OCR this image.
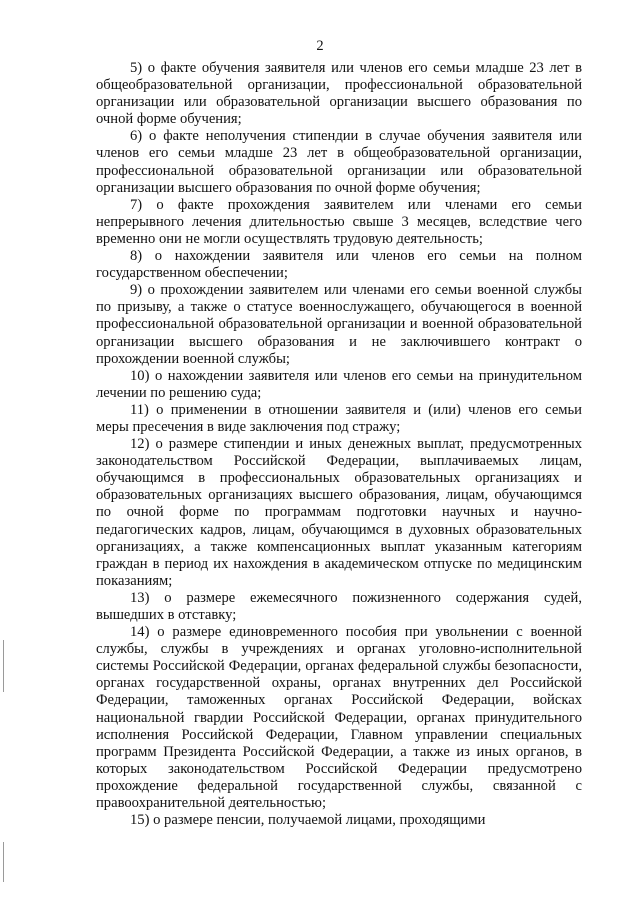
2

5) о факте обучения заявителя или членов его семьи младше 23 лет в общеобразовательной организации, профессиональной образовательной организации или образовательной организации высшего образования по очной форме обучения;

6) о факте неполучения стипендии в случае обучения заявителя или членов его семьи младше 23 лет в общеобразовательной организации, профессиональной образовательной организации или образовательной организации высшего образования по очной форме обучения;

7) о факте прохождения заявителем или членами его семьи непрерывного лечения длительностью свыше 3 месяцев, вследствие чего временно они не могли осуществлять трудовую деятельность;

8) о нахождении заявителя или членов его семьи на полном государственном обеспечении;

9) о прохождении заявителем или членами его семьи военной службы по призыву, а также о статусе военнослужащего, обучающегося в военной профессиональной образовательной организации и военной образовательной организации высшего образования и не заключившего контракт о прохождении военной службы;

10) о нахождении заявителя или членов его семьи на принудительном лечении по решению суда;

11) о применении в отношении заявителя и (или) членов его семьи меры пресечения в виде заключения под стражу;

12) о размере стипендии и иных денежных выплат, предусмотренных законодательством Российской Федерации, выплачиваемых лицам, обучающимся в профессиональных образовательных организациях и образовательных организациях высшего образования, лицам, обучающимся по очной форме по программам подготовки научных и научно-педагогических кадров, лицам, обучающимся в духовных образовательных организациях, а также компенсационных выплат указанным категориям граждан в период их нахождения в академическом отпуске по медицинским показаниям;

13) о размере ежемесячного пожизненного содержания судей, вышедших в отставку;

14) о размере единовременного пособия при увольнении с военной службы, службы в учреждениях и органах уголовно-исполнительной системы Российской Федерации, органах федеральной службы безопасности, органах государственной охраны, органах внутренних дел Российской Федерации, таможенных органах Российской Федерации, войсках национальной гвардии Российской Федерации, органах принудительного исполнения Российской Федерации, Главном управлении специальных программ Президента Российской Федерации, а также из иных органов, в которых законодательством Российской Федерации предусмотрено прохождение федеральной государственной службы, связанной с правоохранительной деятельностью;

15) о размере пенсии, получаемой лицами, проходящими
